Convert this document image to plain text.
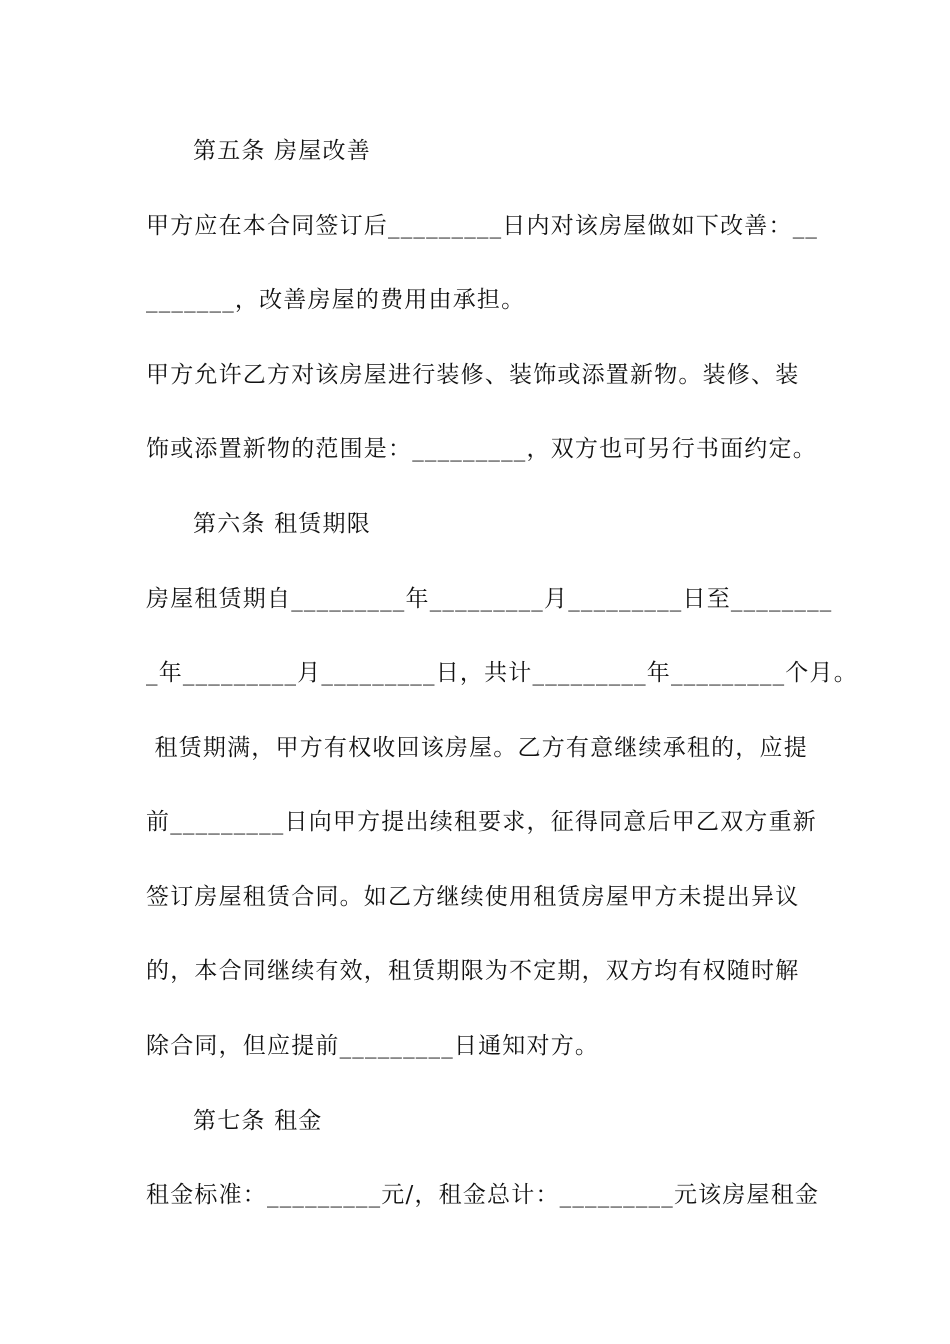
第五条 房屋改善
甲方应在本合同签订后_________日内对该房屋做如下改善：__
_______，改善房屋的费用由承担。
甲方允许乙方对该房屋进行装修、装饰或添置新物。装修、装
饰或添置新物的范围是：_________，双方也可另行书面约定。
第六条 租赁期限
房屋租赁期自_________年_________月_________日至________
_年_________月_________日，共计_________年_________个月。
租赁期满，甲方有权收回该房屋。乙方有意继续承租的，应提
前_________日向甲方提出续租要求，征得同意后甲乙双方重新
签订房屋租赁合同。如乙方继续使用租赁房屋甲方未提出异议
的，本合同继续有效，租赁期限为不定期，双方均有权随时解
除合同，但应提前_________日通知对方。
第七条 租金
租金标准：_________元/，租金总计：_________元该房屋租金
